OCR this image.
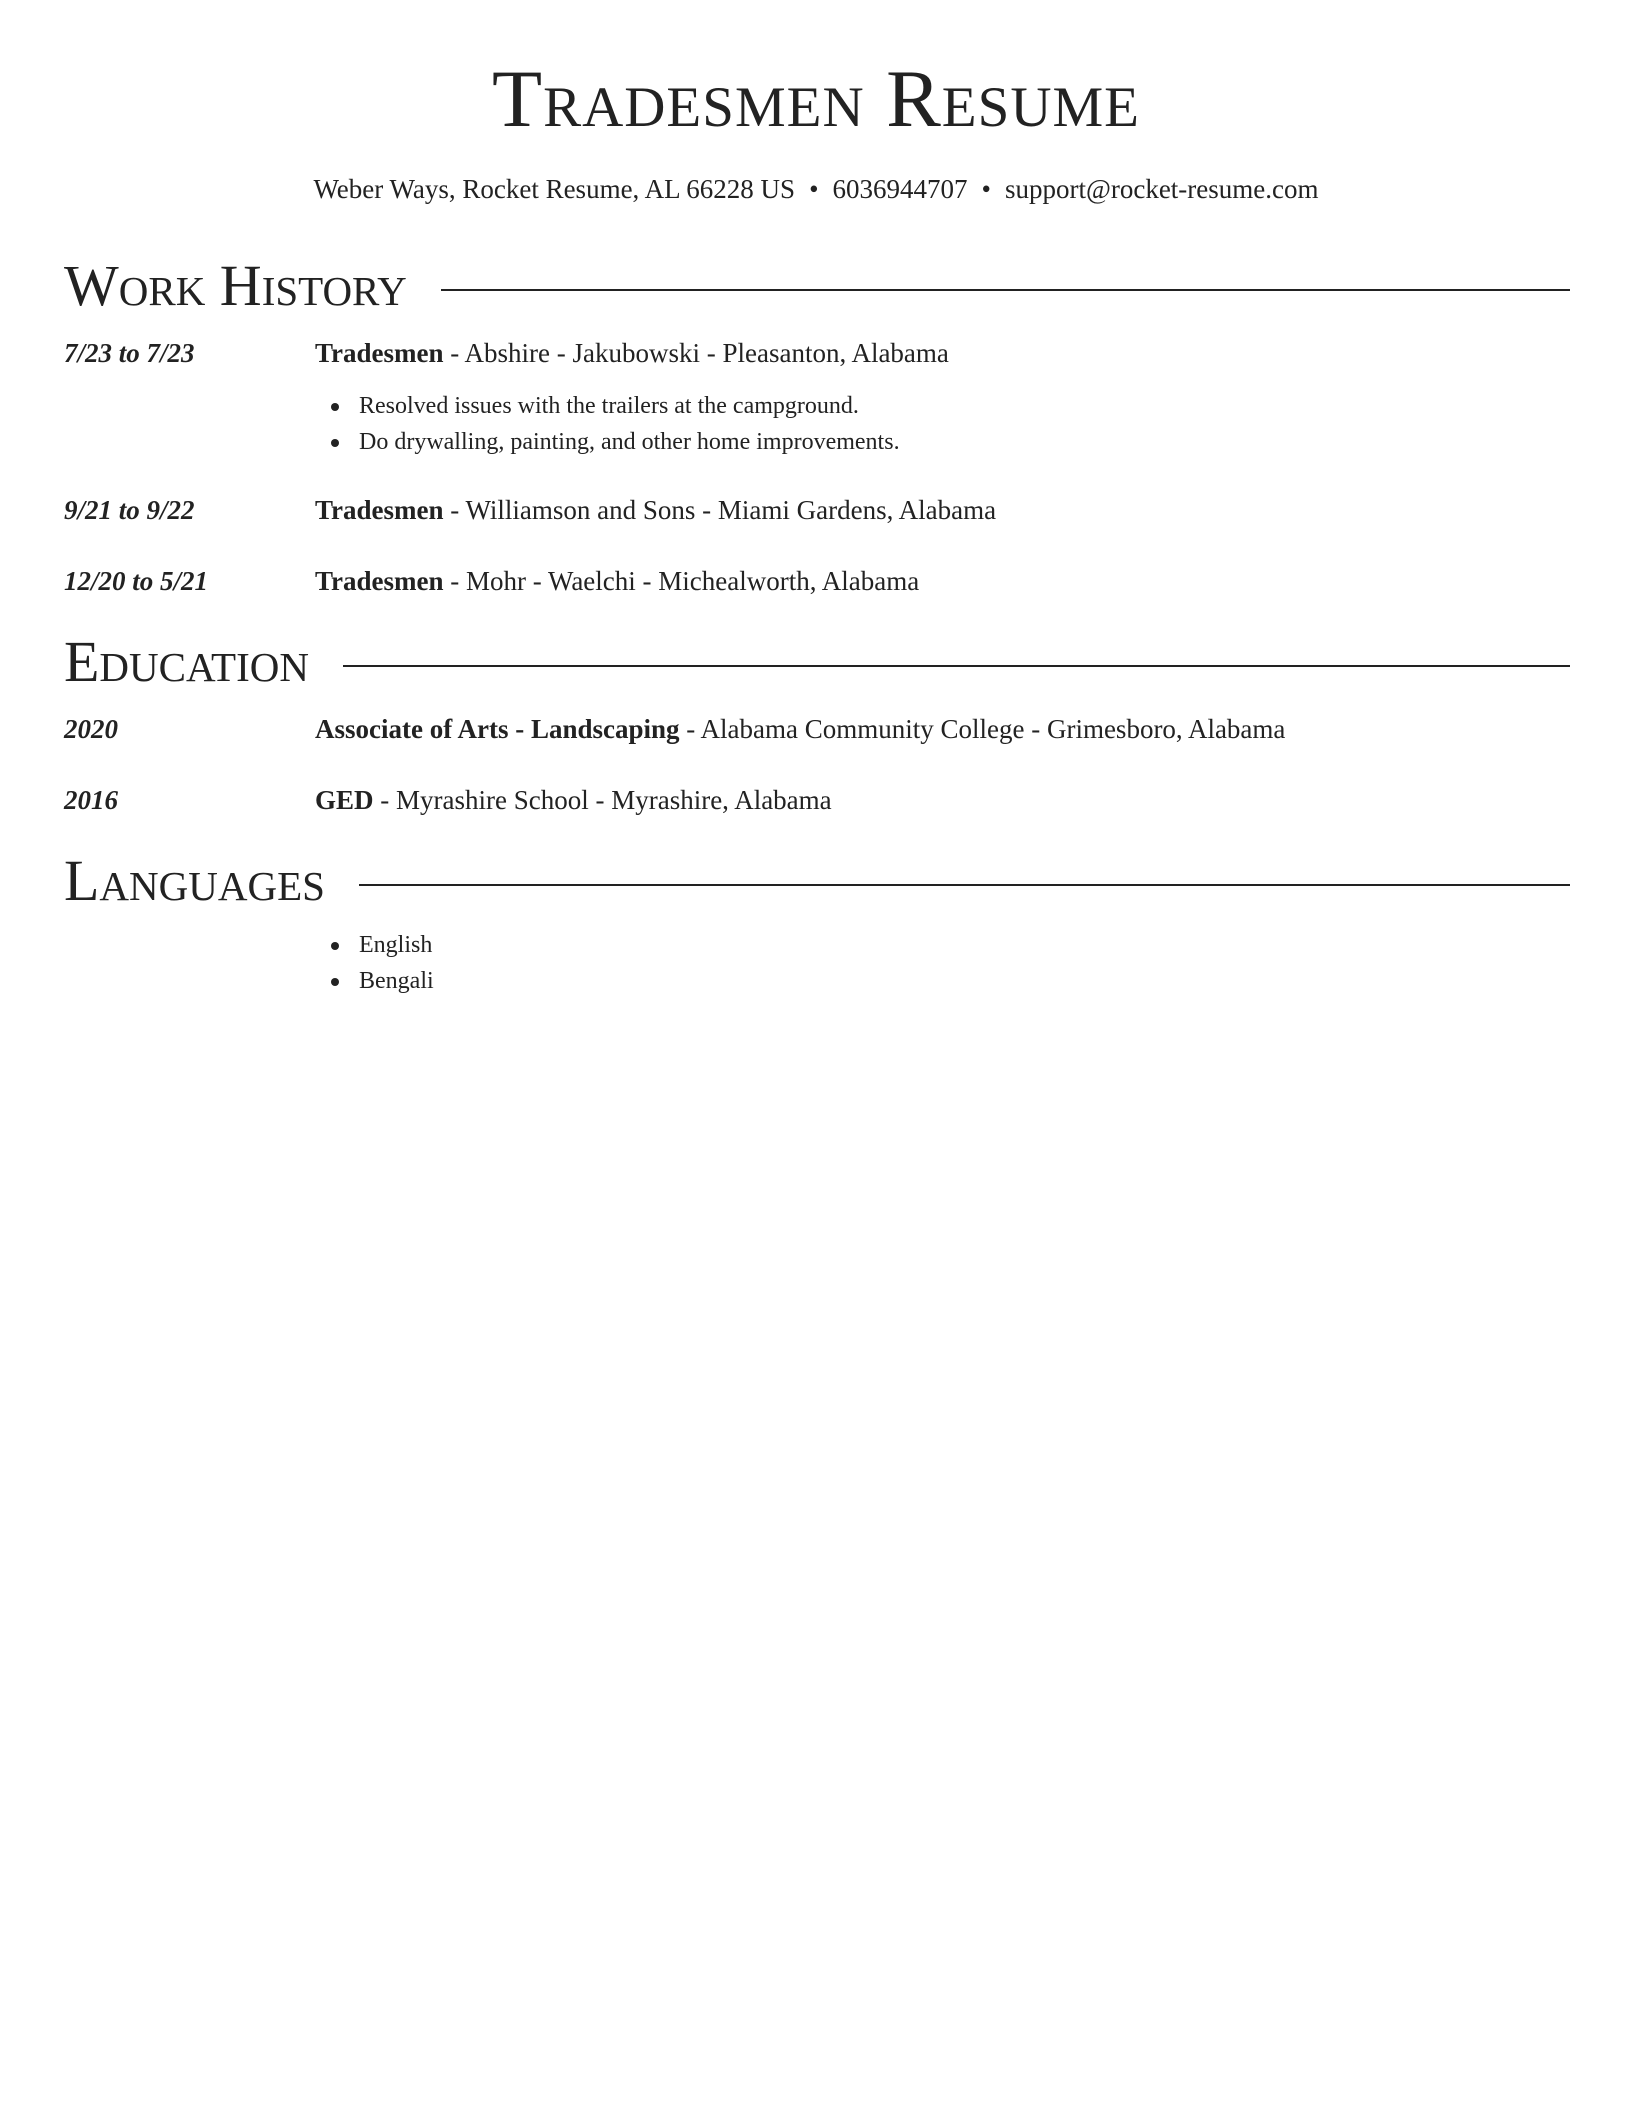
Tradesmen Resume
Weber Ways, Rocket Resume, AL 66228 US • 6036944707 • support@rocket-resume.com
Work History
7/23 to 7/23	Tradesmen - Abshire - Jakubowski - Pleasanton, Alabama
Resolved issues with the trailers at the campground.
Do drywalling, painting, and other home improvements.
9/21 to 9/22	Tradesmen - Williamson and Sons - Miami Gardens, Alabama
12/20 to 5/21	Tradesmen - Mohr - Waelchi - Michealworth, Alabama
Education
2020	Associate of Arts - Landscaping - Alabama Community College - Grimesboro, Alabama
2016	GED - Myrashire School - Myrashire, Alabama
Languages
English
Bengali
